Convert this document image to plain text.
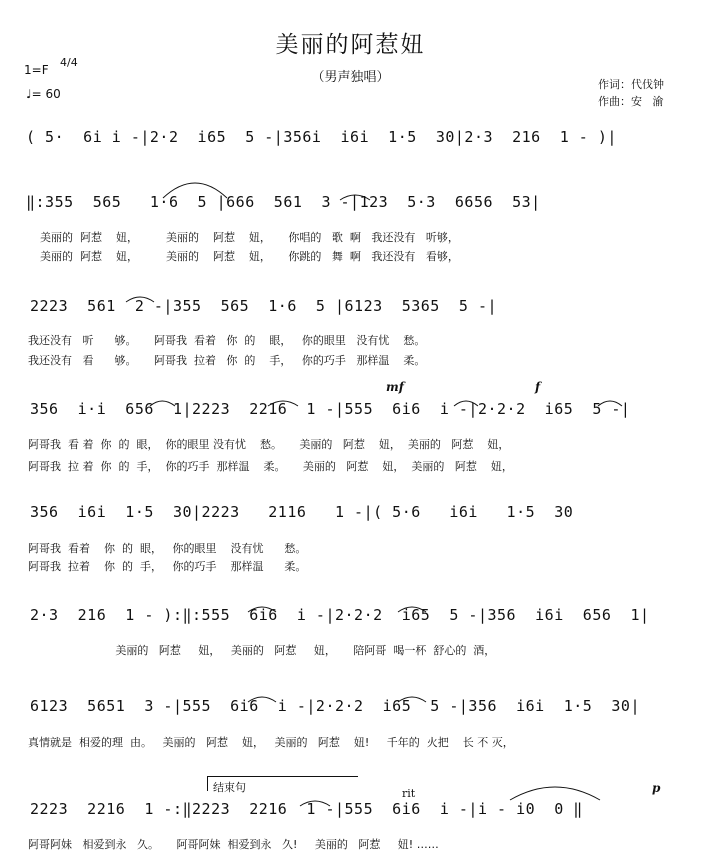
美丽的阿惹妞
（男声独唱）
1=F
4/4
♩= 60
作词：代伐钟
作曲：安   渝
( 5·  6i i -|2·2  i65  5 -|356i  i6i  1·5  30|2·3  216  1 - )|
‖:355  565   1·6  5 |666  561  3 -|123  5·3  6656  53|
美丽的  阿惹    妞，        美丽的    阿惹    妞，     你唱的   歌  啊   我还没有   听够，
美丽的  阿惹    妞，        美丽的    阿惹    妞，     你跳的   舞  啊   我还没有   看够，
2223  561  2 -|355  565  1·6  5 |6123  5365  5 -|
我还没有   听      够。     阿哥我  看着   你  的    眼，   你的眼里   没有忧    愁。
我还没有   看      够。     阿哥我  拉着   你  的    手，   你的巧手   那样温    柔。
mf	f
356  i·i  656  1|2223  2216  1 -|555  6i6  i -|2·2·2  i65  5 -|
阿哥我  看 着  你  的  眼，  你的眼里 没有忧    愁。     美丽的   阿惹    妞，  美丽的   阿惹    妞，
阿哥我  拉 着  你  的  手，  你的巧手  那样温    柔。     美丽的   阿惹    妞，  美丽的   阿惹    妞，
356  i6i  1·5  30|2223   2116   1 -|( 5·6   i6i   1·5  30
阿哥我  看着    你  的  眼，   你的眼里    没有忧      愁。
阿哥我  拉着    你  的  手，   你的巧手    那样温      柔。
2·3  216  1 - ):‖:555  6i6  i -|2·2·2  i65  5 -|356  i6i  656  1|
美丽的   阿惹     妞，   美丽的   阿惹     妞，     陪阿哥  喝一杯  舒心的  酒，
6123  5651  3 -|555  6i6  i -|2·2·2  i65  5 -|356  i6i  1·5  30|
真情就是  相爱的理  由。   美丽的   阿惹    妞，   美丽的   阿惹    妞!     千年的  火把    长 不 灭，
结束句	rit	p
2223  2216  1 -:‖2223  2216  1 -|555  6i6  i -|i - i0  0 ‖
阿哥阿妹   相爱到永   久。     阿哥阿妹  相爱到永   久!     美丽的   阿惹     妞! ……
